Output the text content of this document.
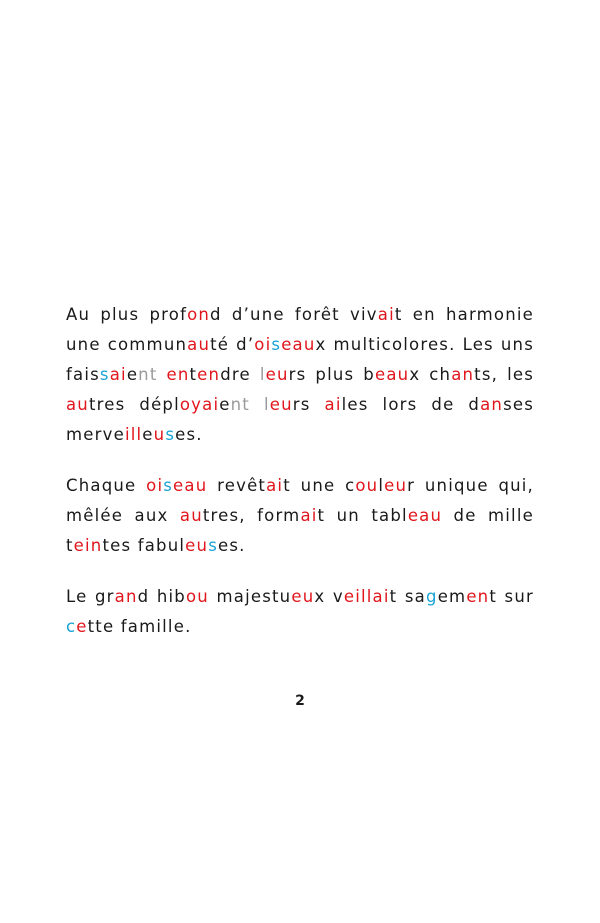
Au plus profond d’une forêt vivait en harmonie une communauté d’oiseaux multicolores. Les uns faissaient entendre leurs plus beaux chants, les autres déployaient leurs ailes lors de danses merveilleuses.

Chaque oiseau revêtait une couleur unique qui, mêlée aux autres, formait un tableau de mille teintes fabuleuses.

Le grand hibou majestueux veillait sagement sur cette famille.

2
